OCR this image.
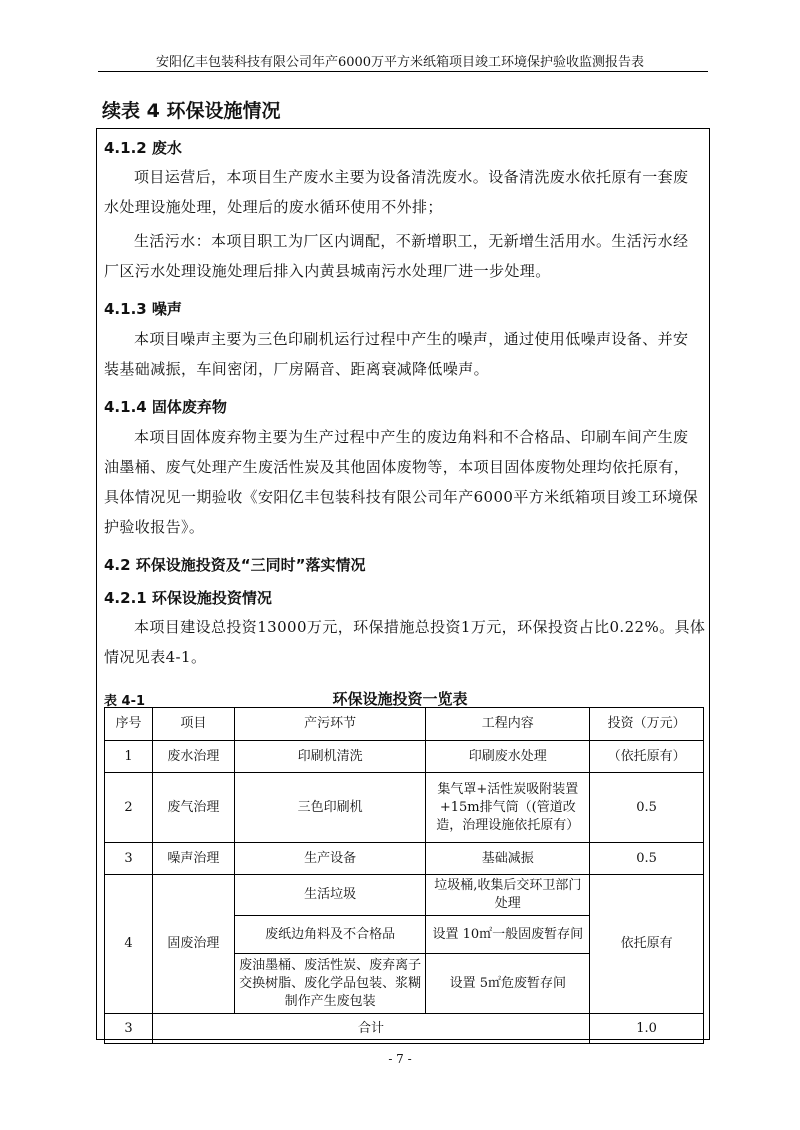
安阳亿丰包装科技有限公司年产6000万平方米纸箱项目竣工环境保护验收监测报告表
续表 4 环保设施情况
4.1.2 废水
项目运营后，本项目生产废水主要为设备清洗废水。设备清洗废水依托原有一套废
水处理设施处理，处理后的废水循环使用不外排；
生活污水：本项目职工为厂区内调配，不新增职工，无新增生活用水。生活污水经
厂区污水处理设施处理后排入内黄县城南污水处理厂进一步处理。
4.1.3 噪声
本项目噪声主要为三色印刷机运行过程中产生的噪声，通过使用低噪声设备、并安
装基础减振，车间密闭，厂房隔音、距离衰减降低噪声。
4.1.4 固体废弃物
本项目固体废弃物主要为生产过程中产生的废边角料和不合格品、印刷车间产生废
油墨桶、废气处理产生废活性炭及其他固体废物等，本项目固体废物处理均依托原有，
具体情况见一期验收《安阳亿丰包装科技有限公司年产6000平方米纸箱项目竣工环境保
护验收报告》。
4.2 环保设施投资及“三同时”落实情况
4.2.1 环保设施投资情况
本项目建设总投资13000万元，环保措施总投资1万元，环保投资占比0.22%。具体
情况见表4-1。
表 4-1	环保设施投资一览表
序号	项目	产污环节	工程内容	投资（万元）
1	废水治理	印刷机清洗	印刷废水处理	（依托原有）
2	废气治理	三色印刷机	集气罩+活性炭吸附装置+15m排气筒（(管道改造，治理设施依托原有）	0.5
3	噪声治理	生产设备	基础减振	0.5
4	固废治理	生活垃圾	垃圾桶,收集后交环卫部门处理	依托原有
		废纸边角料及不合格品	设置 10㎡一般固废暂存间	
		废油墨桶、废活性炭、废弃离子交换树脂、废化学品包装、浆糊制作产生废包装	设置 5㎡危废暂存间	
3	合计			1.0
- 7 -
